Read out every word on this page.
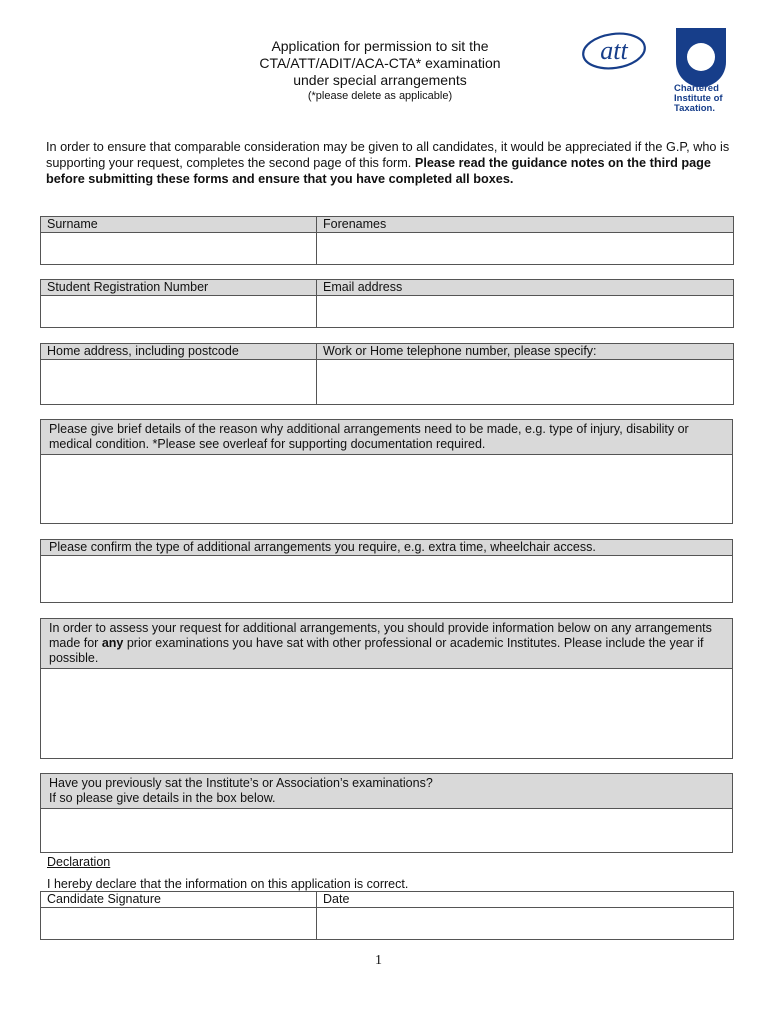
Application for permission to sit the
CTA/ATT/ADIT/ACA-CTA* examination
under special arrangements
(*please delete as applicable)
att
Chartered
Institute of
Taxation.
In order to ensure that comparable consideration may be given to all candidates, it would be appreciated if the G.P, who is supporting your request, completes the second page of this form. Please read the guidance notes on the third page before submitting these forms and ensure that you have completed all boxes.
Surname	Forenames

Student Registration Number	Email address

Home address, including postcode	Work or Home telephone number, please specify:

Please give brief details of the reason why additional arrangements need to be made, e.g. type of injury, disability or medical condition. *Please see overleaf for supporting documentation required.
Please confirm the type of additional arrangements you require, e.g. extra time, wheelchair access.
In order to assess your request for additional arrangements, you should provide information below on any arrangements made for any prior examinations you have sat with other professional or academic Institutes. Please include the year if possible.
Have you previously sat the Institute’s or Association’s examinations?
If so please give details in the box below.
Declaration
I hereby declare that the information on this application is correct.
Candidate Signature	Date

1
